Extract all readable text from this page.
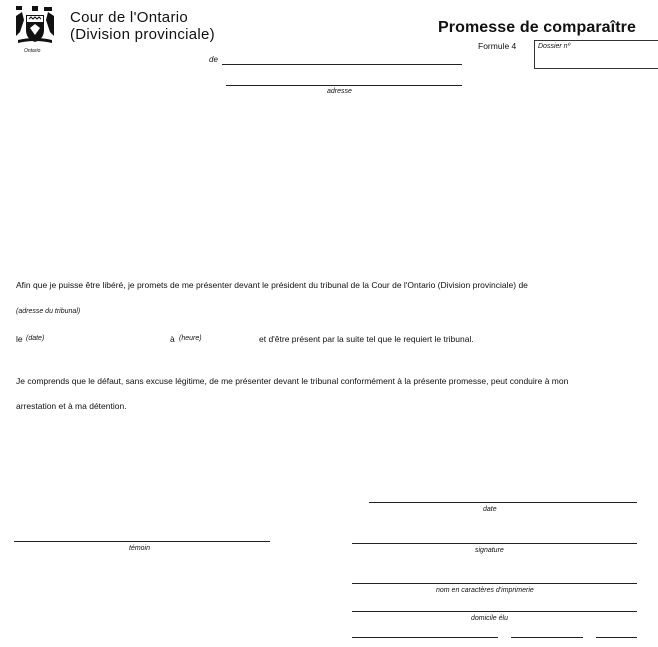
Ontario
Cour de l'Ontario
(Division provinciale)	Promesse de comparaître
Formule 4	Dossier nº
de
adresse
Afin que je puisse être libéré, je promets de me présenter devant le président du tribunal de la Cour de l'Ontario (Division provinciale) de
(adresse du tribunal)
le (date)	à (heure)	et d'être présent par la suite tel que le requiert le tribunal.
Je comprends que le défaut, sans excuse légitime, de me présenter devant le tribunal conformément à la présente promesse, peut conduire à mon
arrestation et à ma détention.
date
témoin	signature
nom en caractères d'imprimerie
domicile élu
